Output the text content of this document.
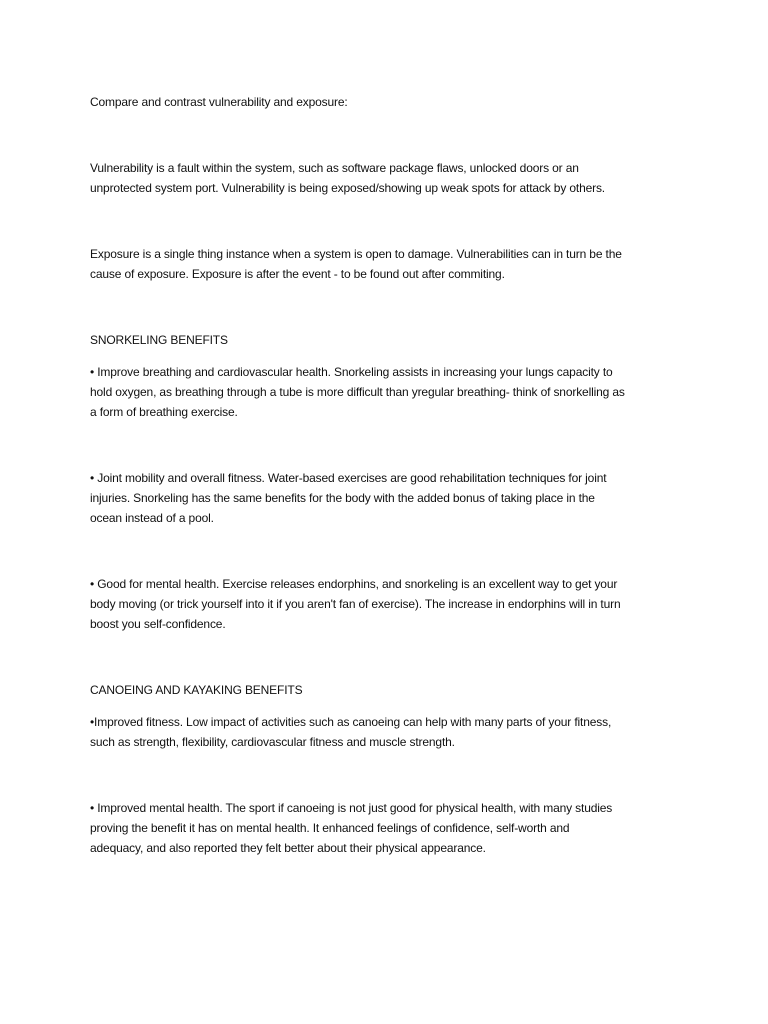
Compare and contrast vulnerability and exposure:
Vulnerability is a fault within the system, such as software package flaws, unlocked doors or an
unprotected system port. Vulnerability is being exposed/showing up weak spots for attack by others.
Exposure is a single thing instance when a system is open to damage. Vulnerabilities can in turn be the
cause of exposure. Exposure is after the event - to be found out after commiting.
SNORKELING BENEFITS
• Improve breathing and cardiovascular health. Snorkeling assists in increasing your lungs capacity to
hold oxygen, as breathing through a tube is more difficult than yregular breathing- think of snorkelling as
a form of breathing exercise.
• Joint mobility and overall fitness. Water-based exercises are good rehabilitation techniques for joint
injuries. Snorkeling has the same benefits for the body with the added bonus of taking place in the
ocean instead of a pool.
• Good for mental health. Exercise releases endorphins, and snorkeling is an excellent way to get your
body moving (or trick yourself into it if you aren't fan of exercise). The increase in endorphins will in turn
boost you self-confidence.
CANOEING AND KAYAKING BENEFITS
•Improved fitness. Low impact of activities such as canoeing can help with many parts of your fitness,
such as strength, flexibility, cardiovascular fitness and muscle strength.
• Improved mental health. The sport if canoeing is not just good for physical health, with many studies
proving the benefit it has on mental health. It enhanced feelings of confidence, self-worth and
adequacy, and also reported they felt better about their physical appearance.
